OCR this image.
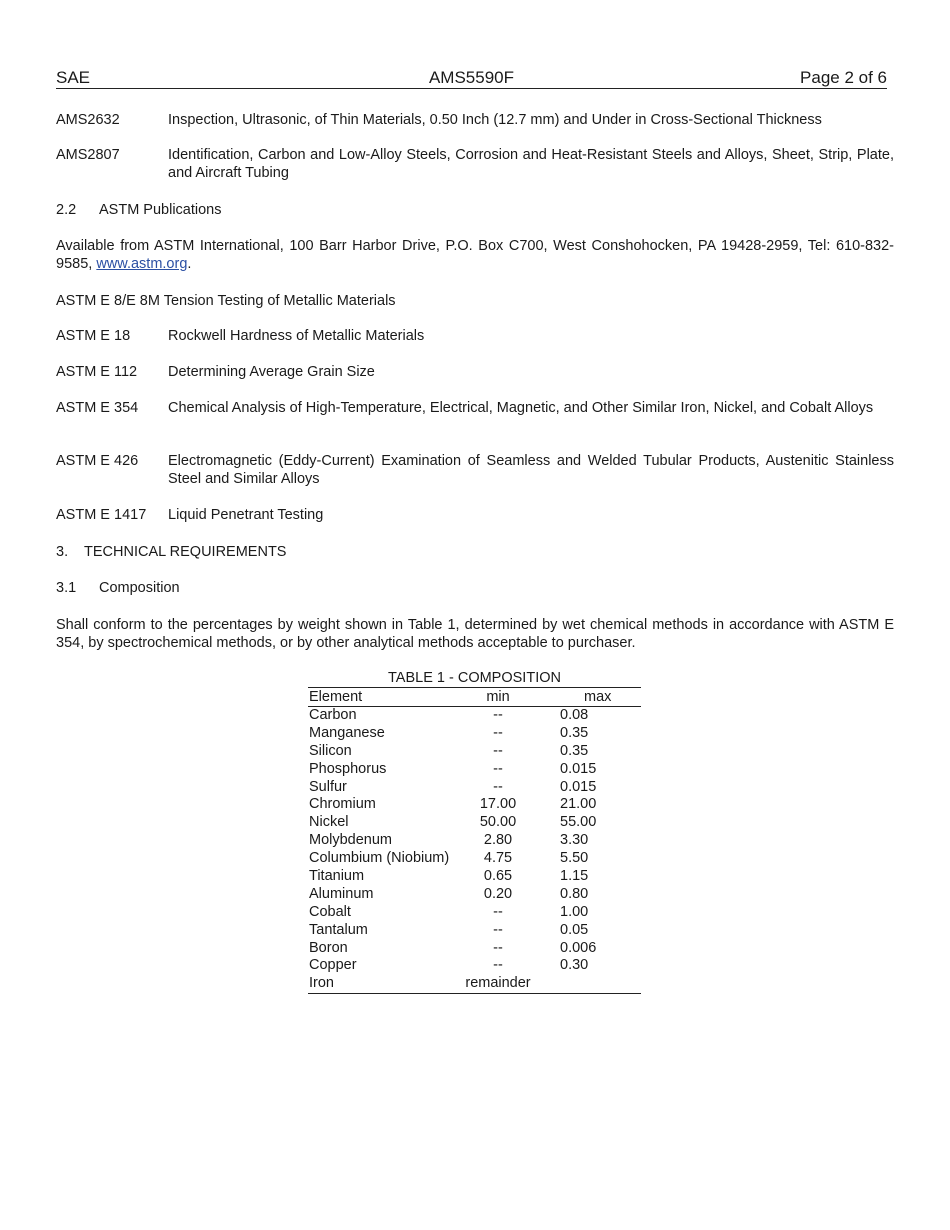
SAE	AMS5590F	Page 2 of 6
AMS2632	Inspection, Ultrasonic, of Thin Materials, 0.50 Inch (12.7 mm) and Under in Cross-Sectional Thickness
AMS2807	Identification, Carbon and Low-Alloy Steels, Corrosion and Heat-Resistant Steels and Alloys, Sheet, Strip, Plate, and Aircraft Tubing
2.2 ASTM Publications
Available from ASTM International, 100 Barr Harbor Drive, P.O. Box C700, West Conshohocken, PA 19428-2959, Tel: 610-832-9585, www.astm.org.
ASTM E 8/E 8M Tension Testing of Metallic Materials
ASTM E 18	Rockwell Hardness of Metallic Materials
ASTM E 112 Determining Average Grain Size
ASTM E 354 Chemical Analysis of High-Temperature, Electrical, Magnetic, and Other Similar Iron, Nickel, and Cobalt Alloys
ASTM E 426 Electromagnetic (Eddy-Current) Examination of Seamless and Welded Tubular Products, Austenitic Stainless Steel and Similar Alloys
ASTM E 1417 Liquid Penetrant Testing
3. TECHNICAL REQUIREMENTS
3.1 Composition
Shall conform to the percentages by weight shown in Table 1, determined by wet chemical methods in accordance with ASTM E 354, by spectrochemical methods, or by other analytical methods acceptable to purchaser.
TABLE 1 - COMPOSITION
Element	min	max
Carbon	--	0.08
Manganese	--	0.35
Silicon	--	0.35
Phosphorus	--	0.015
Sulfur	--	0.015
Chromium	17.00	21.00
Nickel	50.00	55.00
Molybdenum	2.80	3.30
Columbium (Niobium)	4.75	5.50
Titanium	0.65	1.15
Aluminum	0.20	0.80
Cobalt	--	1.00
Tantalum	--	0.05
Boron	--	0.006
Copper	--	0.30
Iron	remainder
